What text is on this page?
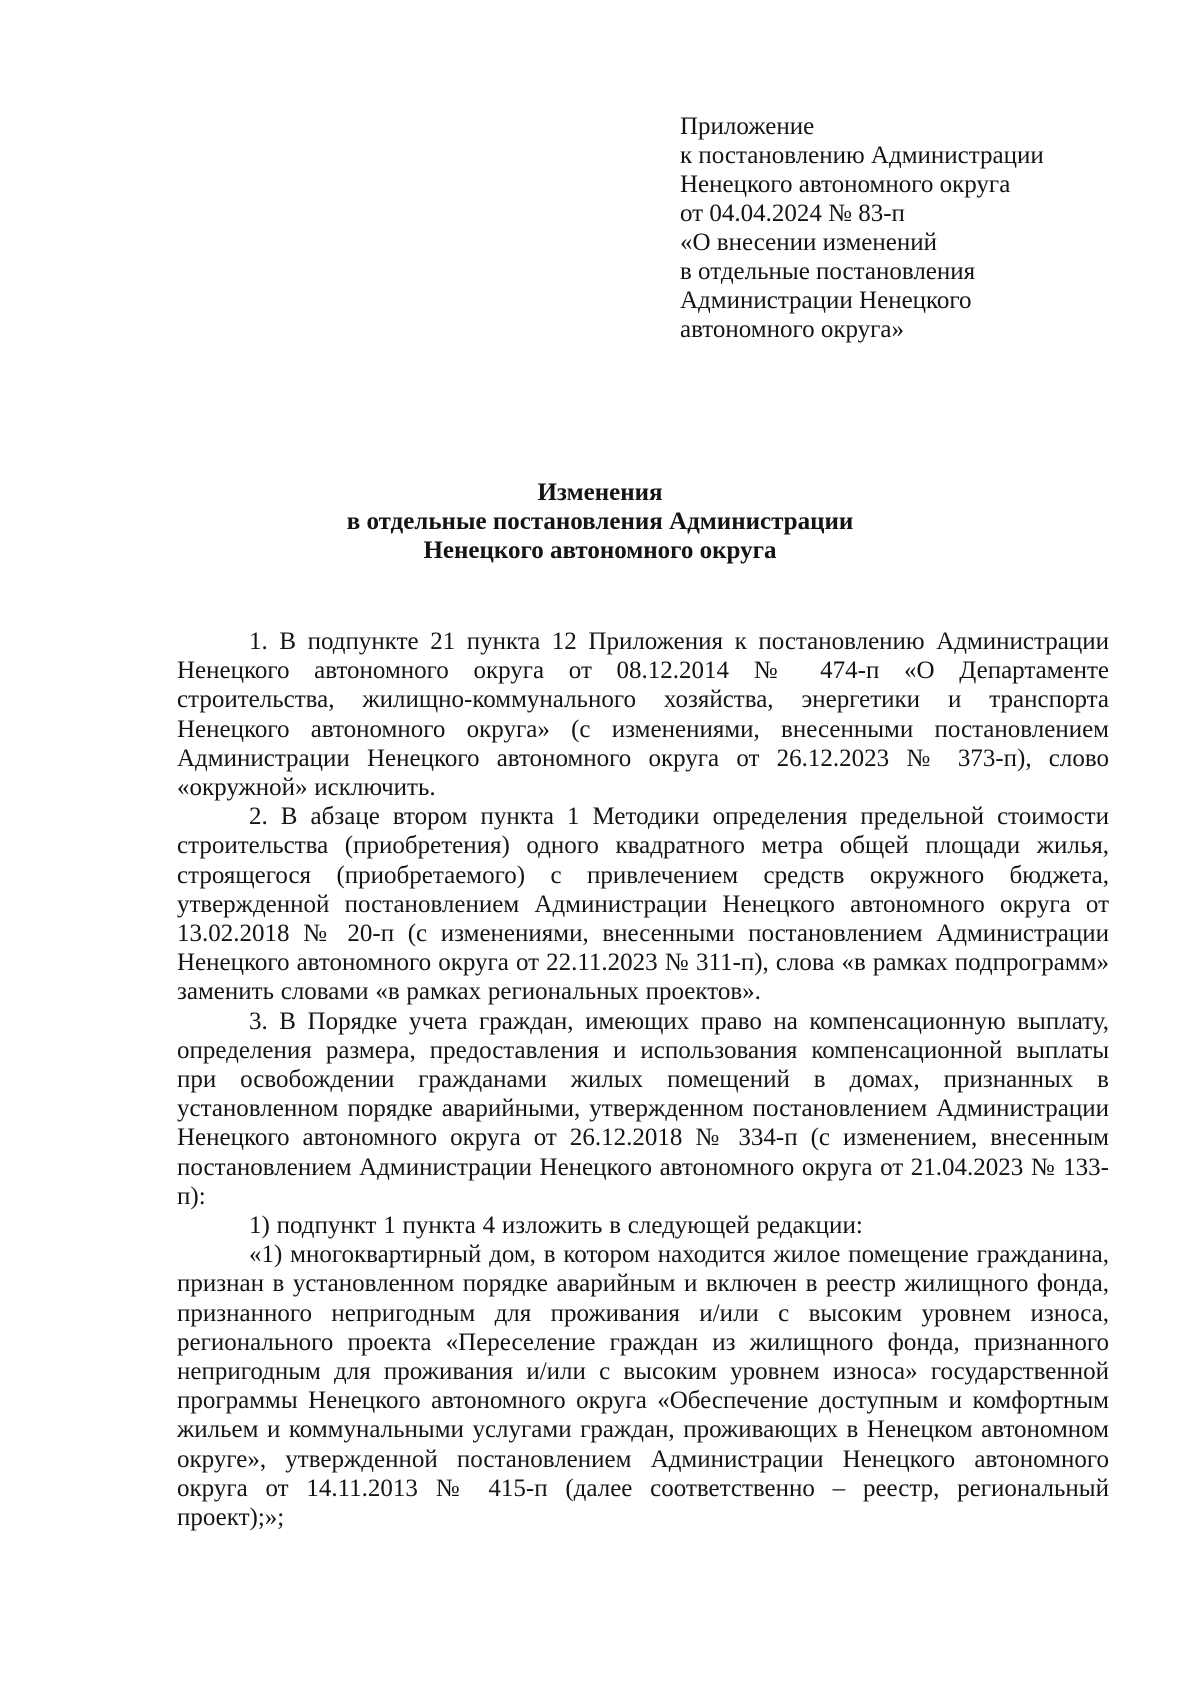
Приложение
к постановлению Администрации
Ненецкого автономного округа
от 04.04.2024 № 83-п
«О внесении изменений
в отдельные постановления
Администрации Ненецкого
автономного округа»
Изменения
в отдельные постановления Администрации
Ненецкого автономного округа

1. В подпункте 21 пункта 12 Приложения к постановлению Администрации Ненецкого автономного округа от 08.12.2014 № 474-п «О Департаменте строительства, жилищно-коммунального хозяйства, энергетики и транспорта Ненецкого автономного округа» (с изменениями, внесенными постановлением Администрации Ненецкого автономного округа от 26.12.2023 № 373-п), слово «окружной» исключить.

2. В абзаце втором пункта 1 Методики определения предельной стоимости строительства (приобретения) одного квадратного метра общей площади жилья, строящегося (приобретаемого) с привлечением средств окружного бюджета, утвержденной постановлением Администрации Ненецкого автономного округа от 13.02.2018 № 20-п (с изменениями, внесенными постановлением Администрации Ненецкого автономного округа от 22.11.2023 № 311-п), слова «в рамках подпрограмм» заменить словами «в рамках региональных проектов».

3. В Порядке учета граждан, имеющих право на компенсационную выплату, определения размера, предоставления и использования компенсационной выплаты при освобождении гражданами жилых помещений в домах, признанных в установленном порядке аварийными, утвержденном постановлением Администрации Ненецкого автономного округа от 26.12.2018 № 334-п (с изменением, внесенным постановлением Администрации Ненецкого автономного округа от 21.04.2023 № 133-п):

1) подпункт 1 пункта 4 изложить в следующей редакции:

«1) многоквартирный дом, в котором находится жилое помещение гражданина, признан в установленном порядке аварийным и включен в реестр жилищного фонда, признанного непригодным для проживания и/или с высоким уровнем износа, регионального проекта «Переселение граждан из жилищного фонда, признанного непригодным для проживания и/или с высоким уровнем износа» государственной программы Ненецкого автономного округа «Обеспечение доступным и комфортным жильем и коммунальными услугами граждан, проживающих в Ненецком автономном округе», утвержденной постановлением Администрации Ненецкого автономного округа от 14.11.2013 № 415-п (далее соответственно – реестр, региональный проект);»;
